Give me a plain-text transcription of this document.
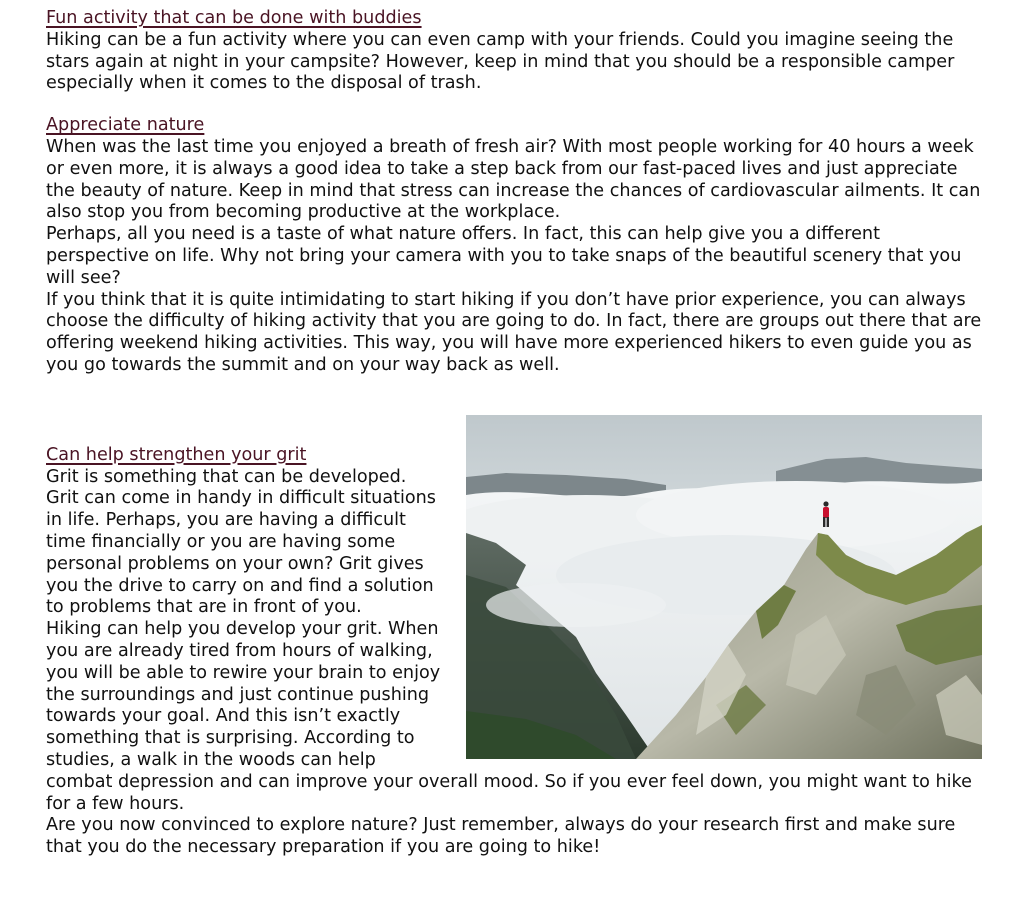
Fun activity that can be done with buddies

Hiking can be a fun activity where you can even camp with your friends. Could you imagine seeing the stars again at night in your campsite? However, keep in mind that you should be a responsible camper especially when it comes to the disposal of trash.

Appreciate nature

When was the last time you enjoyed a breath of fresh air? With most people working for 40 hours a week or even more, it is always a good idea to take a step back from our fast-paced lives and just appreciate the beauty of nature. Keep in mind that stress can increase the chances of cardiovascular ailments. It can also stop you from becoming productive at the workplace.

Perhaps, all you need is a taste of what nature offers. In fact, this can help give you a different perspective on life. Why not bring your camera with you to take snaps of the beautiful scenery that you will see?

If you think that it is quite intimidating to start hiking if you don’t have prior experience, you can always choose the difficulty of hiking activity that you are going to do. In fact, there are groups out there that are offering weekend hiking activities. This way, you will have more experienced hikers to even guide you as you go towards the summit and on your way back as well.

Can help strengthen your grit

Grit is something that can be developed. Grit can come in handy in difficult situations in life. Perhaps, you are having a difficult time financially or you are having some personal problems on your own? Grit gives you the drive to carry on and find a solution to problems that are in front of you.

Hiking can help you develop your grit. When you are already tired from hours of walking, you will be able to rewire your brain to enjoy the surroundings and just continue pushing towards your goal. And this isn’t exactly something that is surprising. According to studies, a walk in the woods can help combat depression and can improve your overall mood. So if you ever feel down, you might want to hike for a few hours.

Are you now convinced to explore nature? Just remember, always do your research first and make sure that you do the necessary preparation if you are going to hike!
